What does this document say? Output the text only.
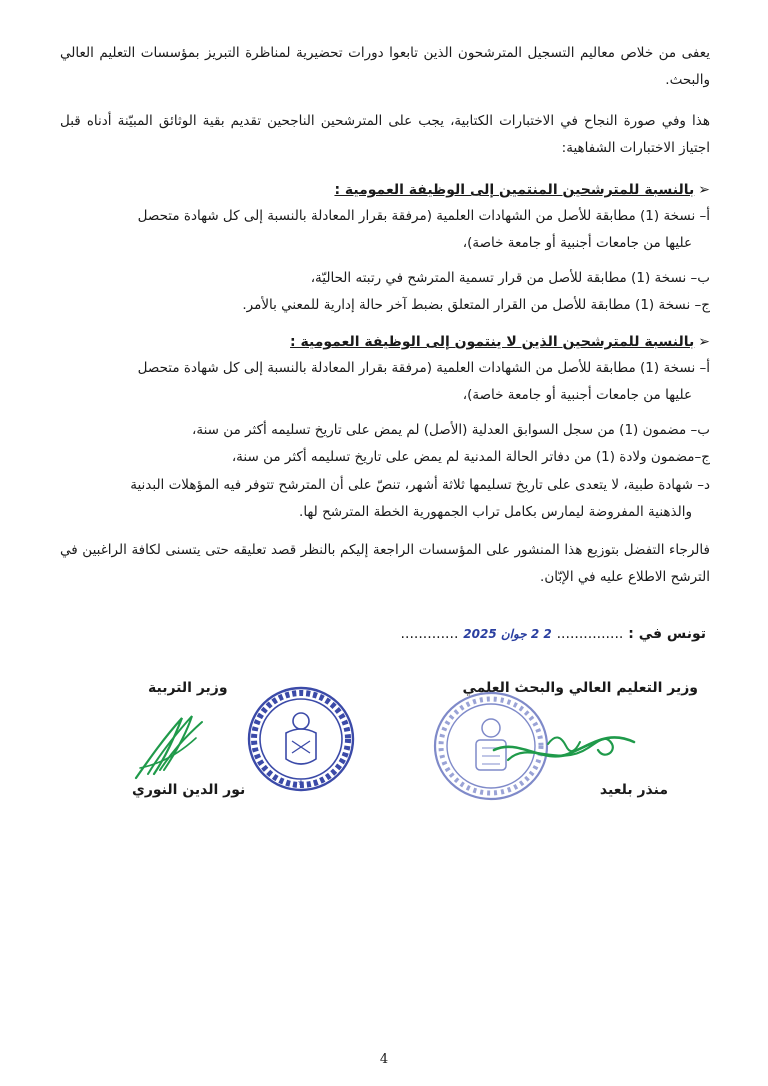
يعفى من خلاص معاليم التسجيل المترشحون الذين تابعوا دورات تحضيرية لمناظرة التبريز بمؤسسات التعليم العالي والبحث.
هذا وفي صورة النجاح في الاختبارات الكتابية، يجب على المترشحين الناجحين تقديم بقية الوثائق المبيّنة أدناه قبل اجتياز الاختبارات الشفاهية:
➢بالنسبة للمترشحين المنتمين إلى الوظيفة العمومية :
أ– نسخة (1) مطابقة للأصل من الشهادات العلمية (مرفقة بقرار المعادلة بالنسبة إلى كل شهادة متحصل
عليها من جامعات أجنبية أو جامعة خاصة)،
ب– نسخة (1) مطابقة للأصل من قرار تسمية المترشح في رتبته الحاليّة،
ج– نسخة (1) مطابقة للأصل من القرار المتعلق بضبط آخر حالة إدارية للمعني بالأمر.
➢بالنسبة للمترشحين الذين لا ينتمون إلى الوظيفة العمومية :
أ– نسخة (1) مطابقة للأصل من الشهادات العلمية (مرفقة بقرار المعادلة بالنسبة إلى كل شهادة متحصل
عليها من جامعات أجنبية أو جامعة خاصة)،
ب– مضمون (1) من سجل السوابق العدلية (الأصل) لم يمض على تاريخ تسليمه أكثر من سنة،
ج–مضمون ولادة (1) من دفاتر الحالة المدنية لم يمض على تاريخ تسليمه أكثر من سنة،
د– شهادة طبية، لا يتعدى على تاريخ تسليمها ثلاثة أشهر، تنصّ على أن المترشح تتوفر فيه المؤهلات البدنية
والذهنية المفروضة ليمارس بكامل تراب الجمهورية الخطة المترشح لها.
فالرجاء التفضل بتوزيع هذا المنشور على المؤسسات الراجعة إليكم بالنظر قصد تعليقه حتى يتسنى لكافة الراغبين في الترشح الاطلاع عليه في الإبّان.
تونس في : ............... 2 2 جوان 2025 .............
وزير التعليم العالي والبحث العلمي
وزير التربية
★	منذر بلعيد
نور الدين النوري
4
